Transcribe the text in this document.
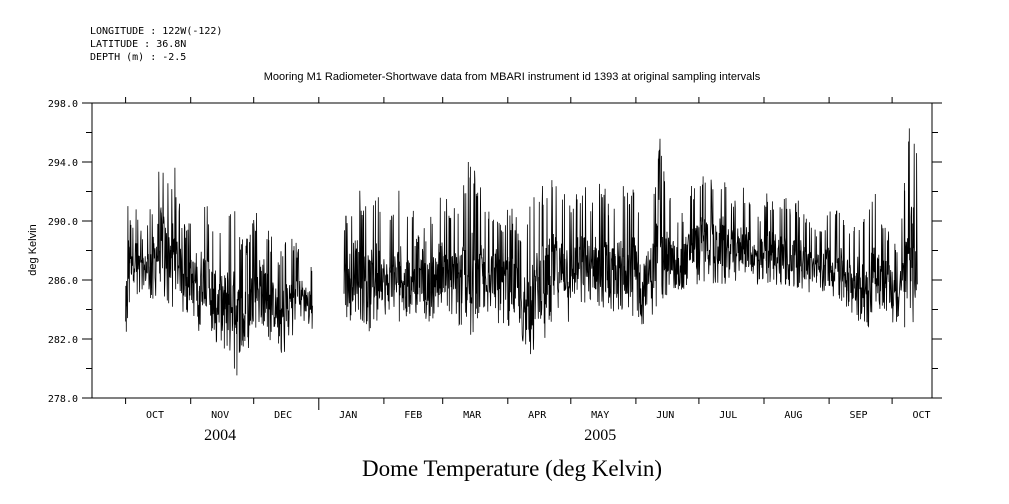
LONGITUDE : 122W(-122)
LATITUDE : 36.8N
DEPTH (m) : -2.5
Mooring M1 Radiometer-Shortwave data from MBARI instrument id 1393 at original sampling intervals
278.0
282.0
286.0
290.0
294.0
298.0
OCT	NOV	DEC	JAN	FEB	MAR	APR	MAY	JUN	JUL	AUG	SEP	OCT
2004	2005
deg Kelvin
Dome Temperature (deg Kelvin)
